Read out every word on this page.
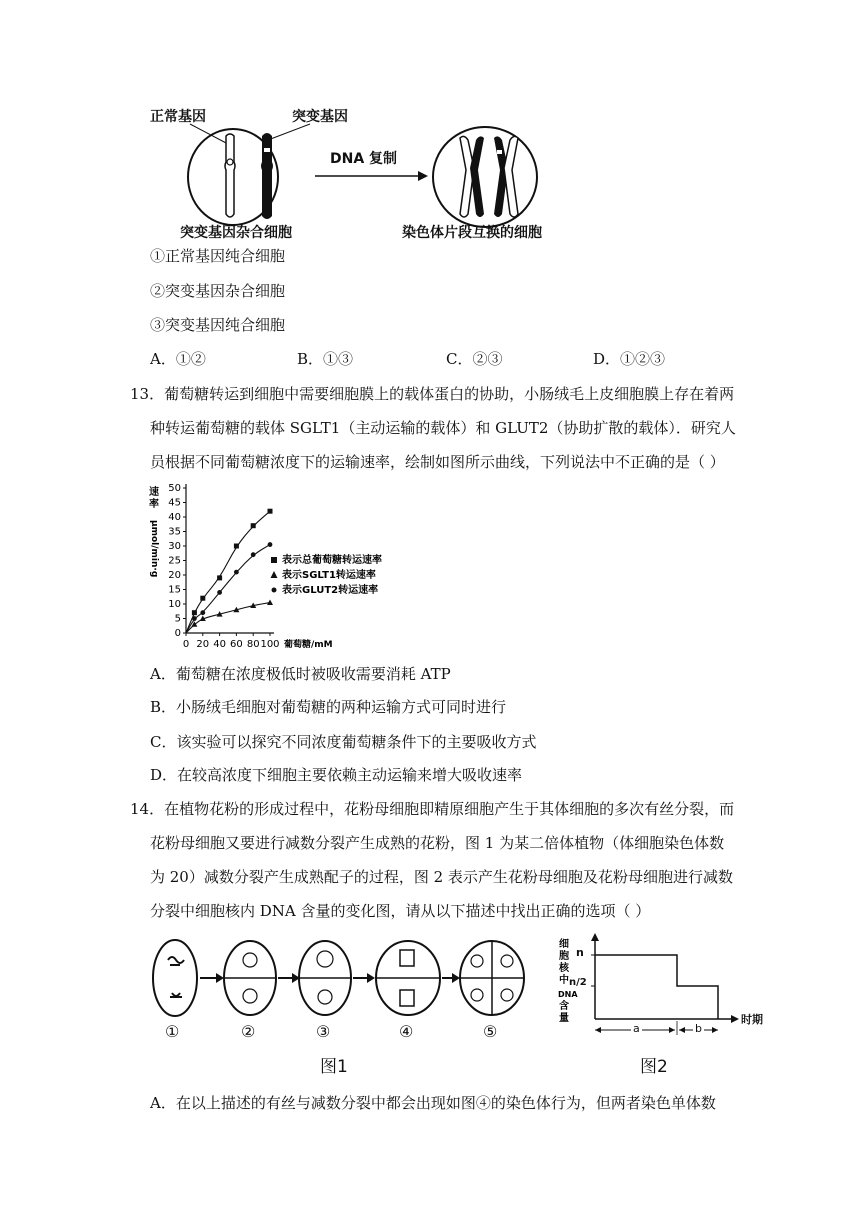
正常基因	突变基因
DNA 复制
突变基因杂合细胞	染色体片段互换的细胞
①正常基因纯合细胞
②突变基因杂合细胞
③突变基因纯合细胞
A．①②	B．①③	C．②③	D．①②③
13．葡萄糖转运到细胞中需要细胞膜上的载体蛋白的协助，小肠绒毛上皮细胞膜上存在着两
种转运葡萄糖的载体 SGLT1（主动运输的载体）和 GLUT2（协助扩散的载体）．研究人
员根据不同葡萄糖浓度下的运输速率，绘制如图所示曲线，下列说法中不正确的是（ ）
速
率
μmol/min·g
0
5
10
15
20
25
30
35
40
45
50
0 20 40 60 80 100 葡萄糖/mM
表示总葡萄糖转运速率
表示SGLT1转运速率
表示GLUT2转运速率
A．葡萄糖在浓度极低时被吸收需要消耗 ATP
B．小肠绒毛细胞对葡萄糖的两种运输方式可同时进行
C．该实验可以探究不同浓度葡萄糖条件下的主要吸收方式
D．在较高浓度下细胞主要依赖主动运输来增大吸收速率
14．在植物花粉的形成过程中，花粉母细胞即精原细胞产生于其体细胞的多次有丝分裂，而
花粉母细胞又要进行减数分裂产生成熟的花粉，图 1 为某二倍体植物（体细胞染色体数
为 20）减数分裂产生成熟配子的过程，图 2 表示产生花粉母细胞及花粉母细胞进行减数
分裂中细胞核内 DNA 含量的变化图，请从以下描述中找出正确的选项（ ）
①	②	③	④	⑤
图1
细
胞
核
中
DNA
含
量
n
n/2
时期
a	b
图2
A．在以上描述的有丝与减数分裂中都会出现如图④的染色体行为，但两者染色单体数
